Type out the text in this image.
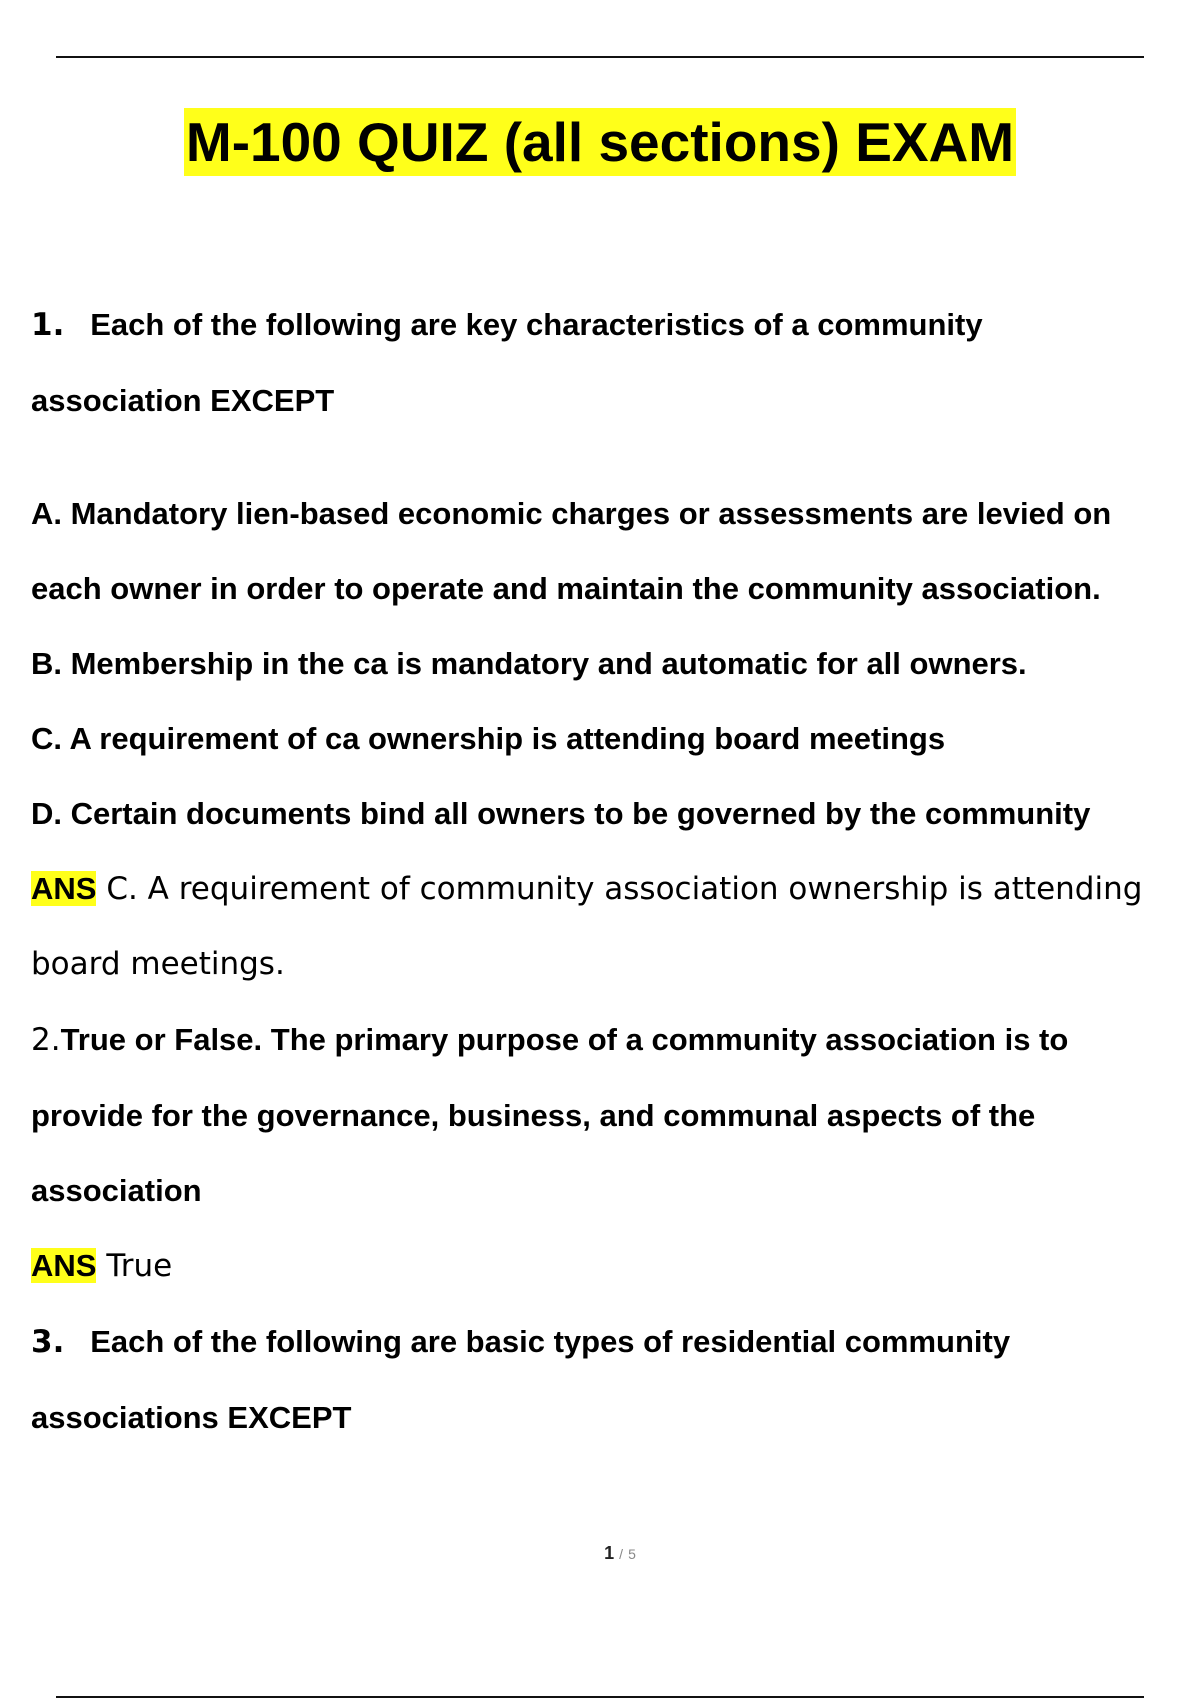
M-100 QUIZ (all sections) EXAM
1. Each of the following are key characteristics of a community
association EXCEPT
A. Mandatory lien-based economic charges or assessments are levied on
each owner in order to operate and maintain the community association.
B. Membership in the ca is mandatory and automatic for all owners.
C. A requirement of ca ownership is attending board meetings
D. Certain documents bind all owners to be governed by the community
ANS C. A requirement of community association ownership is attending
board meetings.
2.True or False. The primary purpose of a community association is to
provide for the governance, business, and communal aspects of the
association
ANS True
3. Each of the following are basic types of residential community
associations EXCEPT
1 / 5
